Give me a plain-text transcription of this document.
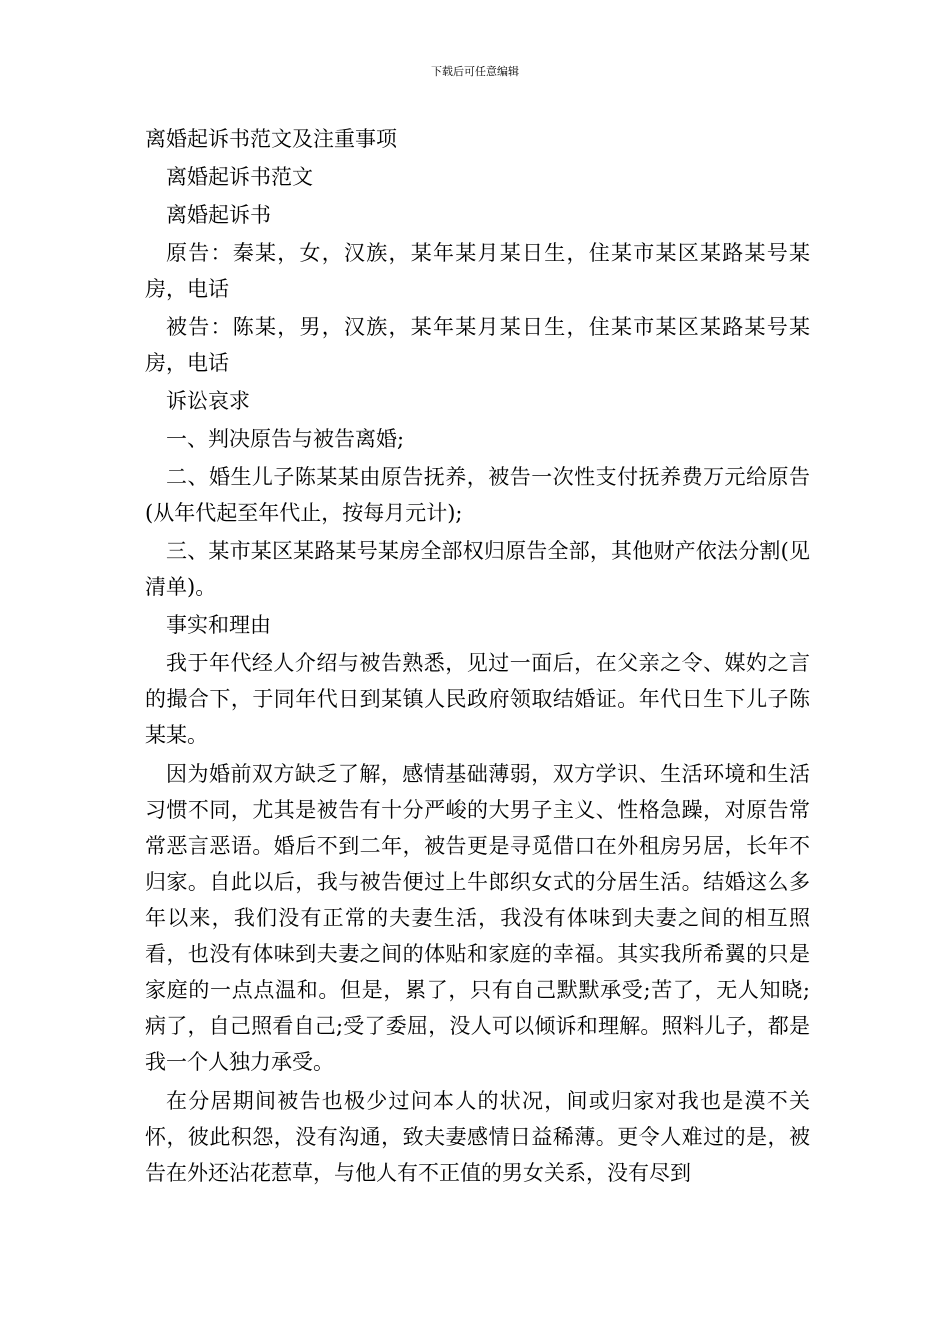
下载后可任意编辑

离婚起诉书范文及注重事项

离婚起诉书范文

离婚起诉书

原告：秦某，女，汉族，某年某月某日生，住某市某区某路某号某房，电话

被告：陈某，男，汉族，某年某月某日生，住某市某区某路某号某房，电话

诉讼哀求

一、判决原告与被告离婚;

二、婚生儿子陈某某由原告抚养，被告一次性支付抚养费万元给原告(从年代起至年代止，按每月元计);

三、某市某区某路某号某房全部权归原告全部，其他财产依法分割(见清单)。

事实和理由

我于年代经人介绍与被告熟悉，见过一面后，在父亲之令、媒妁之言的撮合下，于同年代日到某镇人民政府领取结婚证。年代日生下儿子陈某某。

因为婚前双方缺乏了解，感情基础薄弱，双方学识、生活环境和生活习惯不同，尤其是被告有十分严峻的大男子主义、性格急躁，对原告常常恶言恶语。婚后不到二年，被告更是寻觅借口在外租房另居，长年不归家。自此以后，我与被告便过上牛郎织女式的分居生活。结婚这么多年以来，我们没有正常的夫妻生活，我没有体味到夫妻之间的相互照看，也没有体味到夫妻之间的体贴和家庭的幸福。其实我所希翼的只是家庭的一点点温和。但是，累了，只有自己默默承受;苦了，无人知晓;病了，自己照看自己;受了委屈，没人可以倾诉和理解。照料儿子，都是我一个人独力承受。

在分居期间被告也极少过问本人的状况，间或归家对我也是漠不关怀，彼此积怨，没有沟通，致夫妻感情日益稀薄。更令人难过的是，被告在外还沾花惹草，与他人有不正值的男女关系，没有尽到
